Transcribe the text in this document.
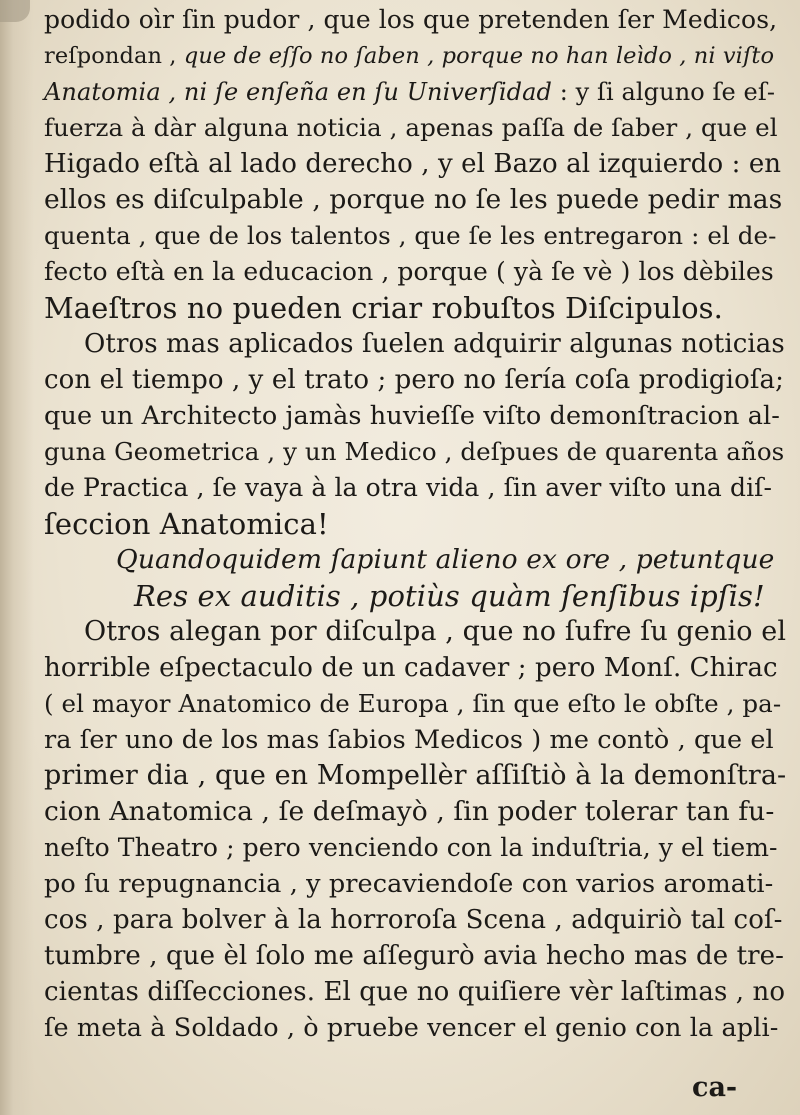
podido oìr ſin pudor , que los que pretenden ſer Medicos,
reſpondan , que de eſſo no ſaben , porque no han leìdo , ni viſto
Anatomia , ni ſe enſeña en ſu Univerſidad : y ſi alguno ſe eſ-
fuerza à dàr alguna noticia , apenas paſſa de ſaber , que el
Higado eſtà al lado derecho , y el Bazo al izquierdo : en
ellos es diſculpable , porque no ſe les puede pedir mas
quenta , que de los talentos , que ſe les entregaron : el de-
fecto eſtà en la educacion , porque ( yà ſe vè ) los dèbiles
Maeſtros no pueden criar robuſtos Diſcipulos.
Otros mas aplicados ſuelen adquirir algunas noticias
con el tiempo , y el trato ; pero no ſería coſa prodigioſa;
que un Architecto jamàs huvieſſe viſto demonſtracion al-
guna Geometrica , y un Medico , deſpues de quarenta años
de Practica , ſe vaya à la otra vida , ſin aver viſto una diſ-
ſeccion Anatomica!
Quandoquidem ſapiunt alieno ex ore , petuntque
Res ex auditis , potiùs quàm ſenſibus ipſis!
Otros alegan por diſculpa , que no ſufre ſu genio el
horrible eſpectaculo de un cadaver ; pero Monſ. Chirac
( el mayor Anatomico de Europa , ſin que eſto le obſte , pa-
ra ſer uno de los mas ſabios Medicos ) me contò , que el
primer dia , que en Mompellèr aſſiſtiò à la demonſtra-
cion Anatomica , ſe deſmayò , ſin poder tolerar tan fu-
neſto Theatro ; pero venciendo con la induſtria, y el tiem-
po ſu repugnancia , y precaviendoſe con varios aromati-
cos , para bolver à la horroroſa Scena , adquiriò tal coſ-
tumbre , que èl ſolo me aſſegurò avia hecho mas de tre-
cientas diſſecciones. El que no quiſiere vèr laſtimas , no
ſe meta à Soldado , ò pruebe vencer el genio con la apli-
ca-
